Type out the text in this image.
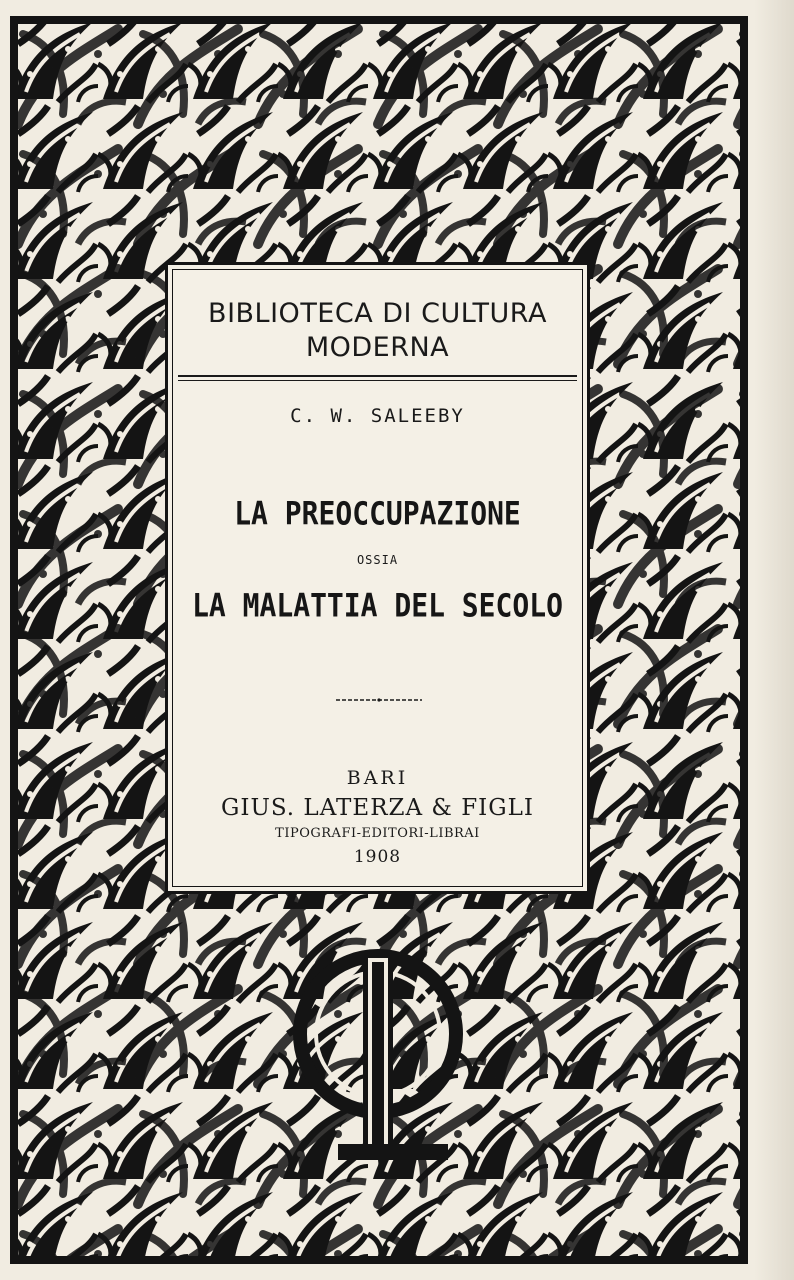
BIBLIOTECA DI CULTURA
MODERNA
C. W. SALEEBY
LA PREOCCUPAZIONE
OSSIA
LA MALATTIA DEL SECOLO
BARI
GIUS. LATERZA & FIGLI
TIPOGRAFI-EDITORI-LIBRAI
1908
